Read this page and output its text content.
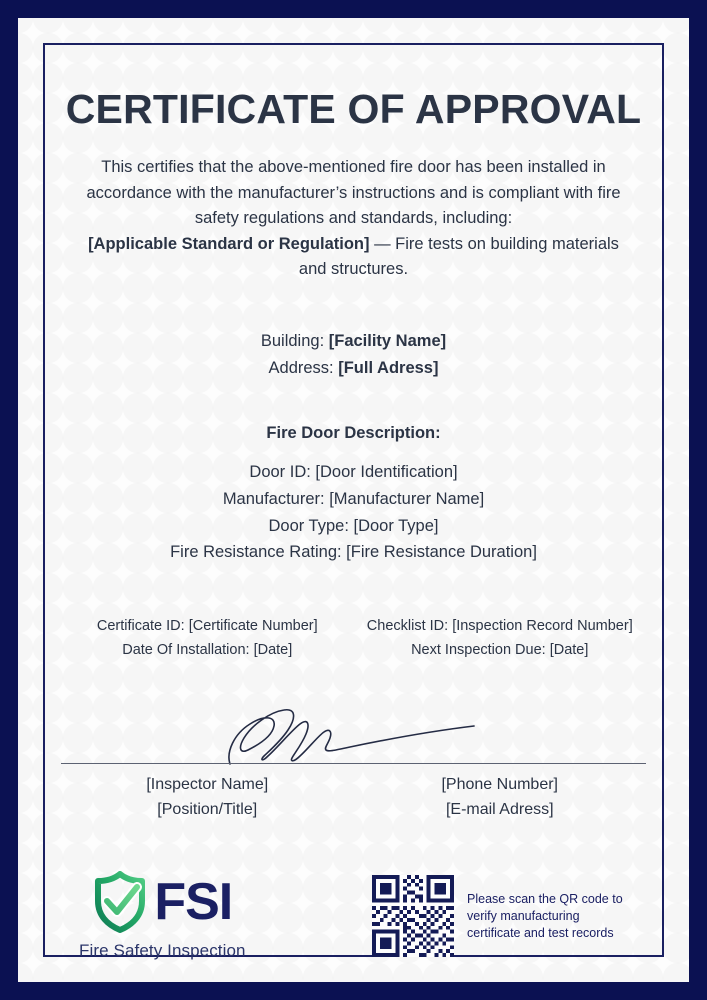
CERTIFICATE OF APPROVAL

This certifies that the above-mentioned fire door has been installed in accordance with the manufacturer’s instructions and is compliant with fire safety regulations and standards, including:
[Applicable Standard or Regulation] — Fire tests on building materials and structures.

Building: [Facility Name]
Address: [Full Adress]
Fire Door Description:
Door ID: [Door Identification]
Manufacturer: [Manufacturer Name]
Door Type: [Door Type]
Fire Resistance Rating: [Fire Resistance Duration]
Certificate ID: [Certificate Number]	Checklist ID: [Inspection Record Number]
Date Of Installation: [Date]	Next Inspection Due: [Date]
[Inspector Name]	[Phone Number]
[Position/Title]	[E-mail Adress]
FSI
Fire Safety Inspection
Please scan the QR code to verify manufacturing certificate and test records
